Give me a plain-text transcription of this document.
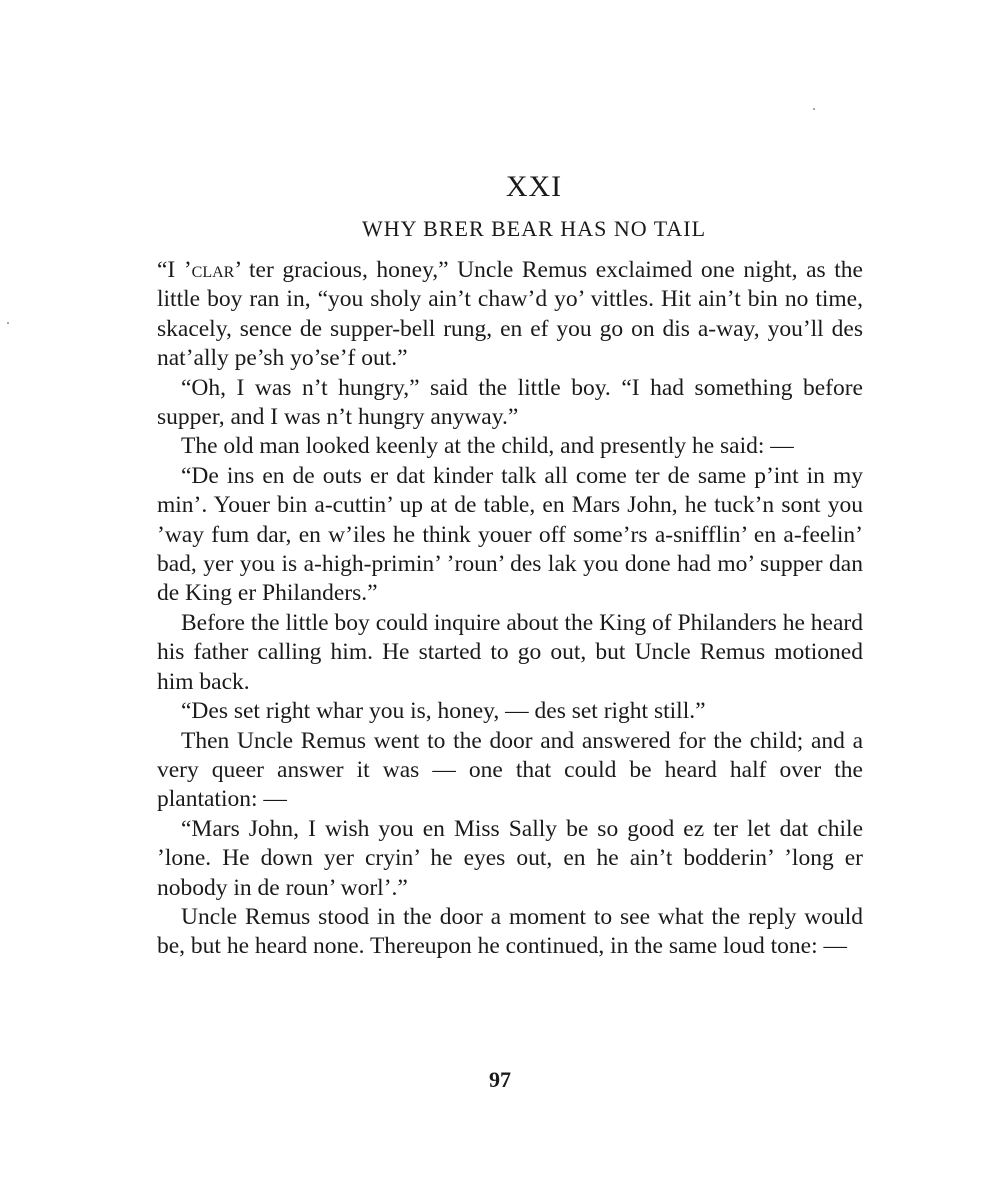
XXI
WHY BRER BEAR HAS NO TAIL

“I ’clar’ ter gracious, honey,” Uncle Remus exclaimed one night, as the little boy ran in, “you sholy ain’t chaw’d yo’ vittles. Hit ain’t bin no time, skacely, sence de supper-bell rung, en ef you go on dis a-way, you’ll des nat’ally pe’sh yo’se’f out.”

“Oh, I was n’t hungry,” said the little boy. “I had something before supper, and I was n’t hungry anyway.”

The old man looked keenly at the child, and presently he said: —

“De ins en de outs er dat kinder talk all come ter de same p’int in my min’. Youer bin a-cuttin’ up at de table, en Mars John, he tuck’n sont you ’way fum dar, en w’iles he think youer off some’rs a-snifflin’ en a-feelin’ bad, yer you is a-high-primin’ ’roun’ des lak you done had mo’ supper dan de King er Philanders.”

Before the little boy could inquire about the King of Philanders he heard his father calling him. He started to go out, but Uncle Remus motioned him back.

“Des set right whar you is, honey, — des set right still.”

Then Uncle Remus went to the door and answered for the child; and a very queer answer it was — one that could be heard half over the plantation: —

“Mars John, I wish you en Miss Sally be so good ez ter let dat chile ’lone. He down yer cryin’ he eyes out, en he ain’t bodderin’ ’long er nobody in de roun’ worl’.”

Uncle Remus stood in the door a moment to see what the reply would be, but he heard none. Thereupon he continued, in the same loud tone: —

97
